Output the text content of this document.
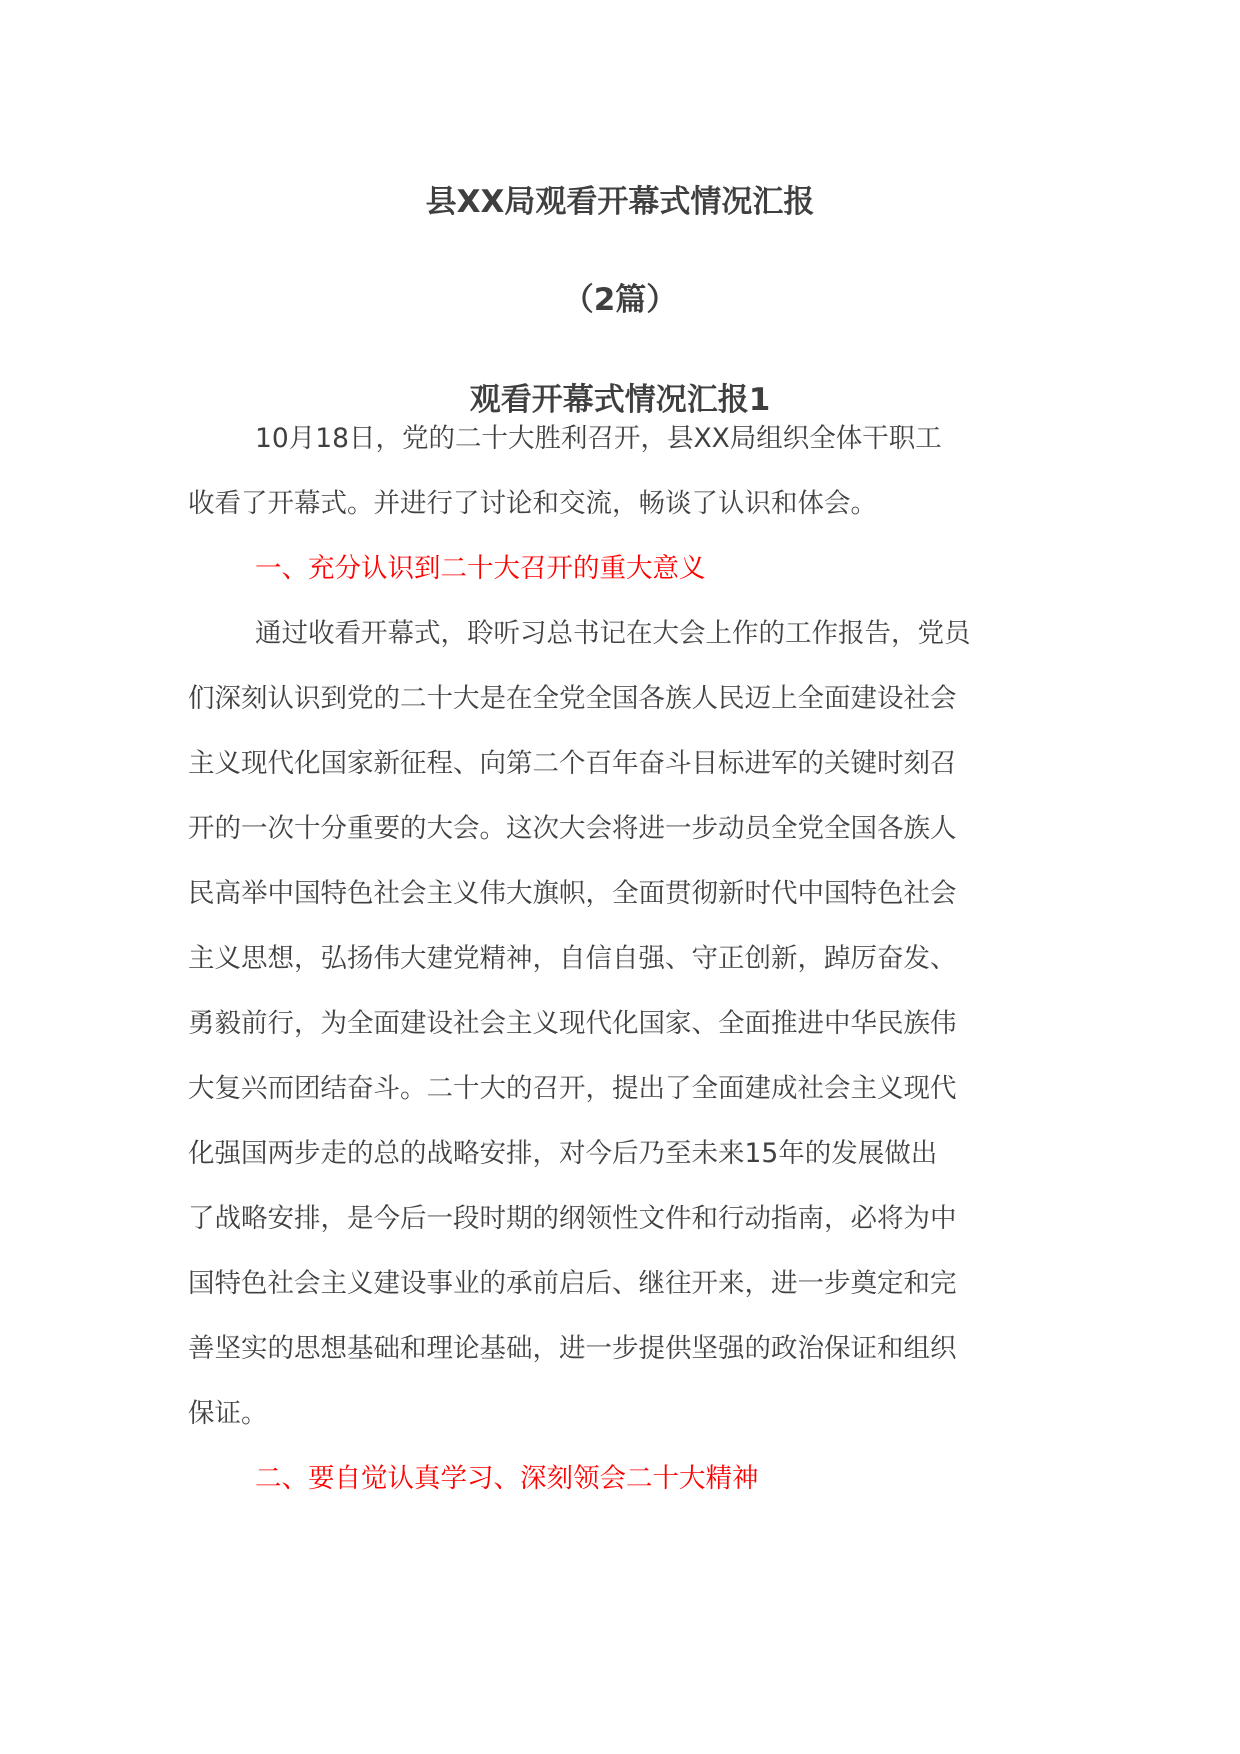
县XX局观看开幕式情况汇报
（2篇）
观看开幕式情况汇报1
10月18日，党的二十大胜利召开，县XX局组织全体干职工
收看了开幕式。并进行了讨论和交流，畅谈了认识和体会。
一、充分认识到二十大召开的重大意义
通过收看开幕式，聆听习总书记在大会上作的工作报告，党员
们深刻认识到党的二十大是在全党全国各族人民迈上全面建设社会
主义现代化国家新征程、向第二个百年奋斗目标进军的关键时刻召
开的一次十分重要的大会。这次大会将进一步动员全党全国各族人
民高举中国特色社会主义伟大旗帜，全面贯彻新时代中国特色社会
主义思想，弘扬伟大建党精神，自信自强、守正创新，踔厉奋发、
勇毅前行，为全面建设社会主义现代化国家、全面推进中华民族伟
大复兴而团结奋斗。二十大的召开，提出了全面建成社会主义现代
化强国两步走的总的战略安排，对今后乃至未来15年的发展做出
了战略安排，是今后一段时期的纲领性文件和行动指南，必将为中
国特色社会主义建设事业的承前启后、继往开来，进一步奠定和完
善坚实的思想基础和理论基础，进一步提供坚强的政治保证和组织
保证。
二、要自觉认真学习、深刻领会二十大精神
